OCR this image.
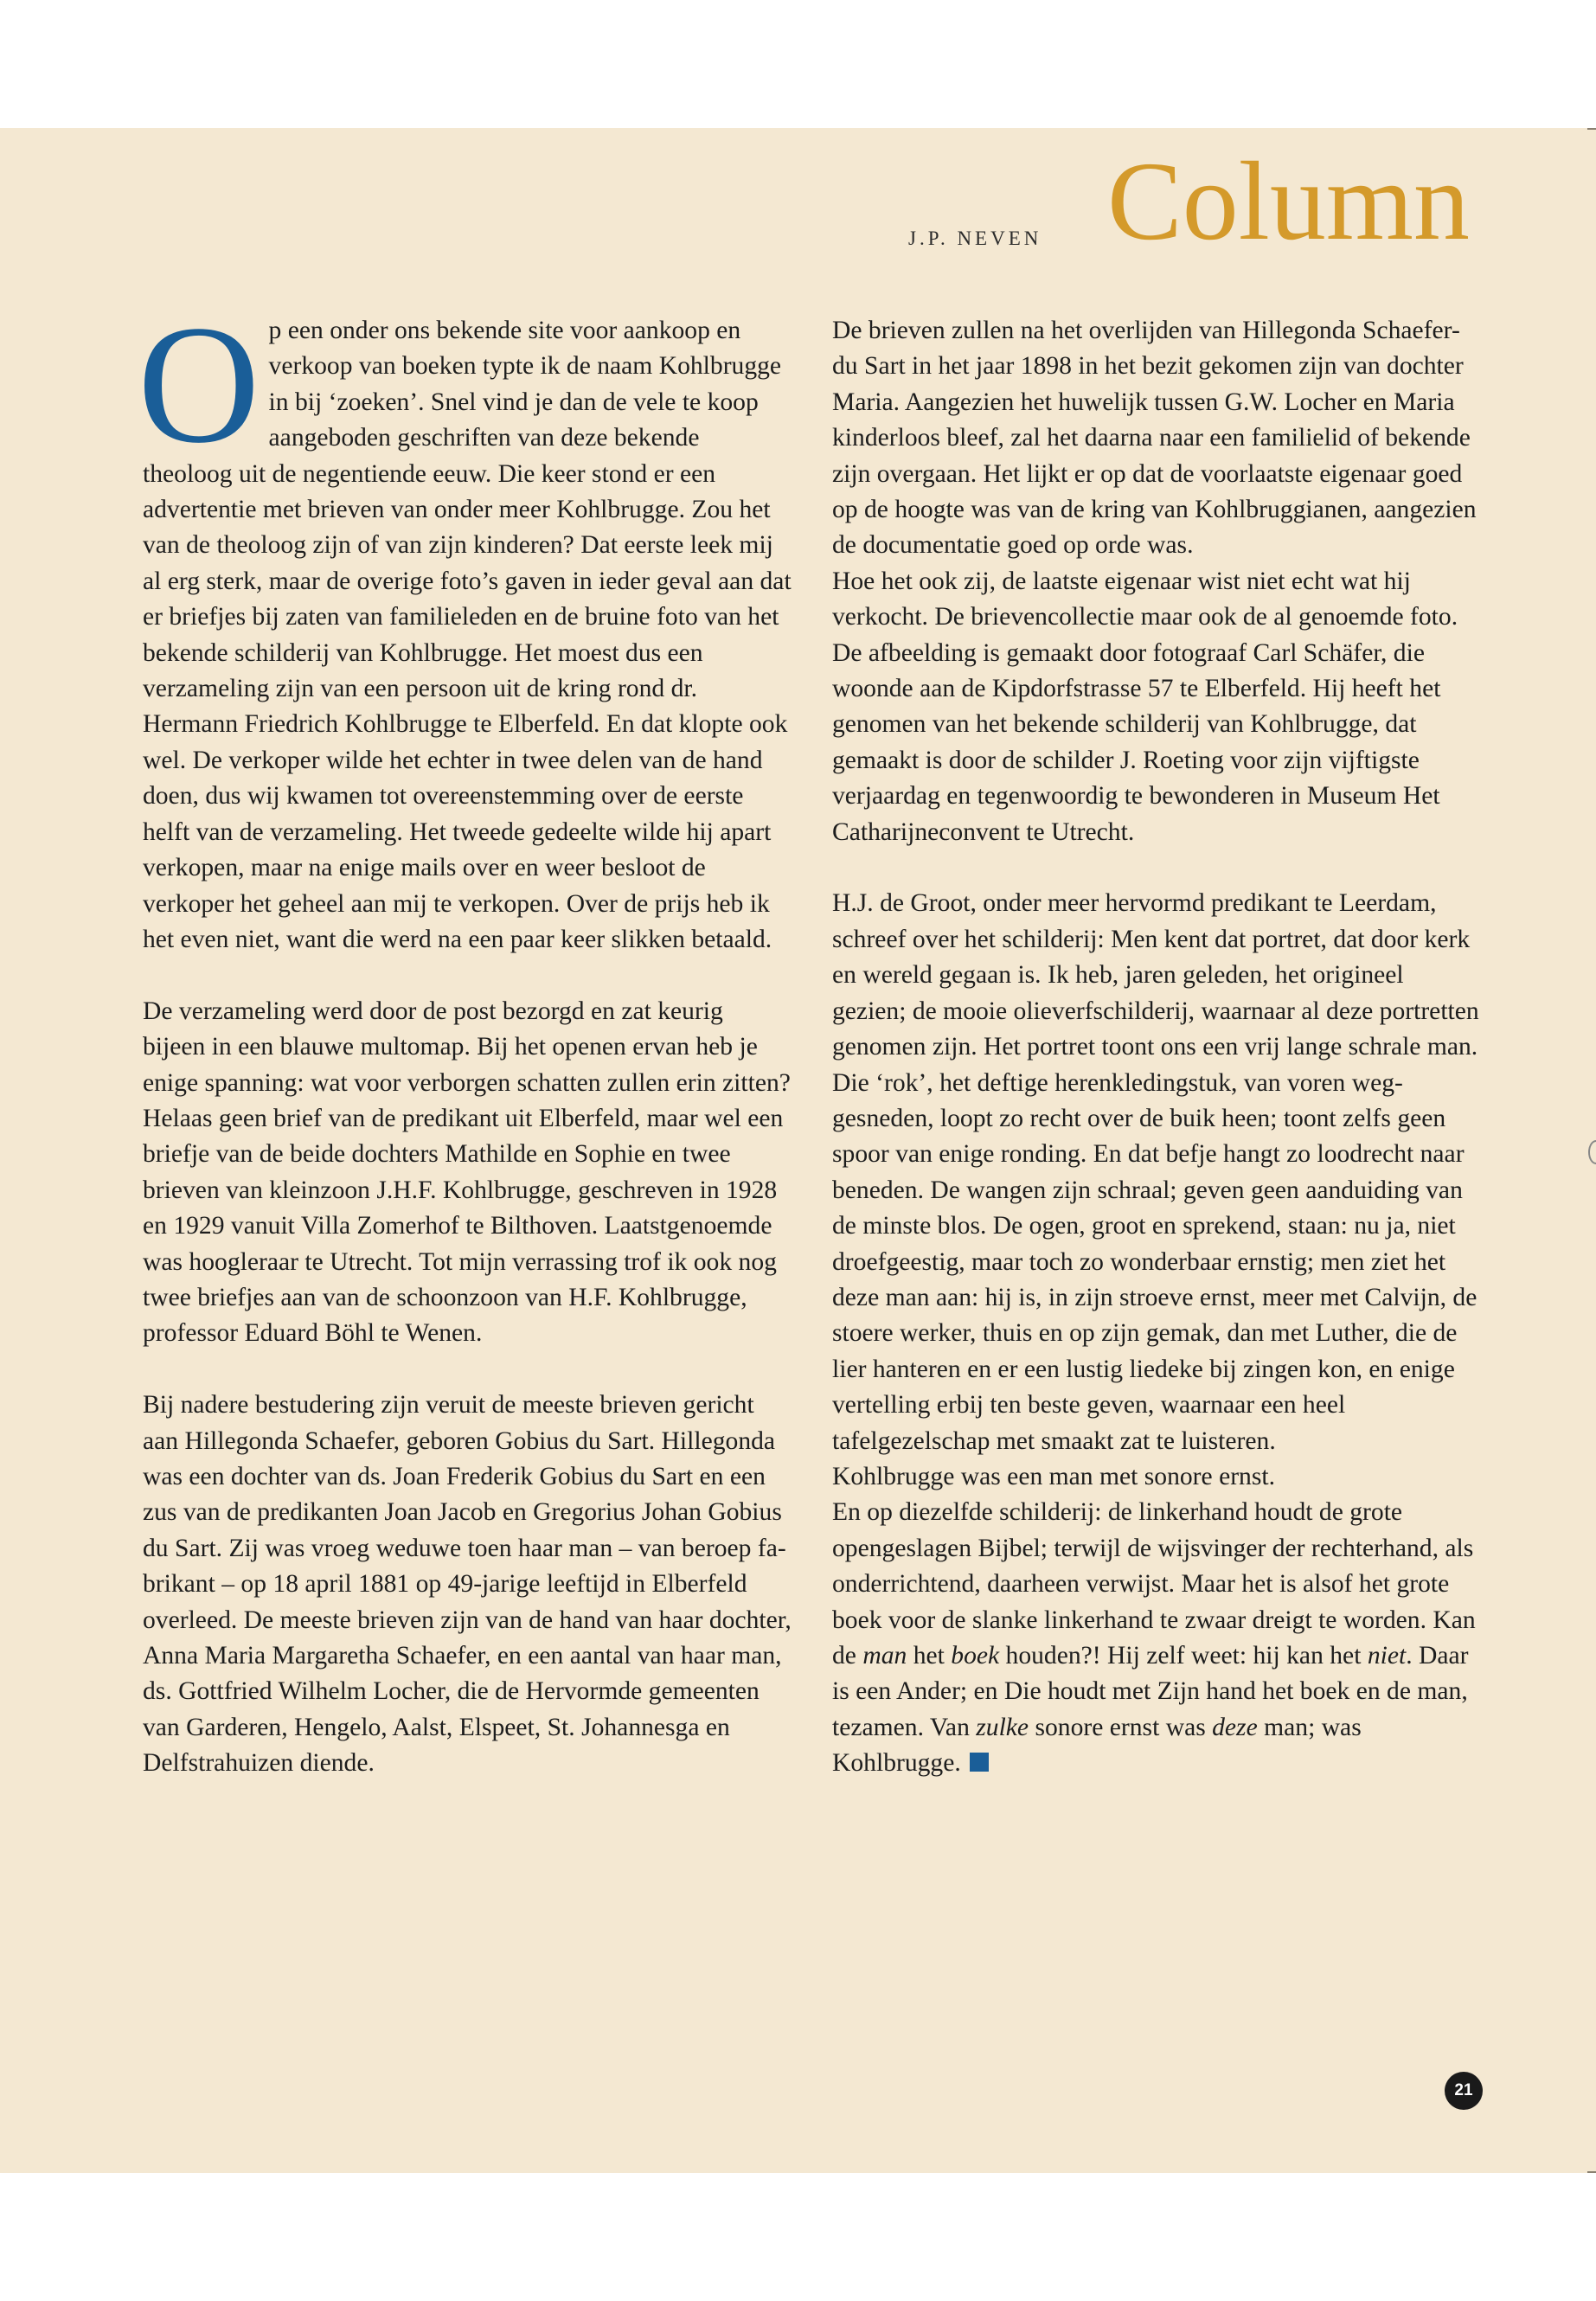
J.P. NEVEN Column

Op een onder ons bekende site voor aankoop en verkoop van boeken typte ik de naam Kohlbrugge in bij ‘zoeken’. Snel vind je dan de vele te koop aangeboden geschriften van deze bekende theoloog uit de negentiende eeuw. Die keer stond er een advertentie met brieven van onder meer Kohlbrugge. Zou het van de theoloog zijn of van zijn kinderen? Dat eerste leek mij al erg sterk, maar de overige foto’s gaven in ieder geval aan dat er briefjes bij zaten van familieleden en de bruine foto van het bekende schilderij van Kohlbrugge. Het moest dus een verzameling zijn van een persoon uit de kring rond dr. Hermann Friedrich Kohlbrugge te Elberfeld. En dat klopte ook wel. De verkoper wilde het echter in twee delen van de hand doen, dus wij kwamen tot overeenstemming over de eerste helft van de verzameling. Het tweede gedeelte wilde hij apart verkopen, maar na enige mails over en weer besloot de verkoper het geheel aan mij te verkopen. Over de prijs heb ik het even niet, want die werd na een paar keer slikken betaald.

De verzameling werd door de post bezorgd en zat keurig bijeen in een blauwe multomap. Bij het openen ervan heb je enige spanning: wat voor verborgen schatten zullen erin zitten? Helaas geen brief van de predikant uit Elberfeld, maar wel een briefje van de beide dochters Mathilde en Sophie en twee brieven van kleinzoon J.H.F. Kohlbrugge, geschreven in 1928 en 1929 vanuit Villa Zomerhof te Bilthoven. Laatstgenoemde was hoogleraar te Utrecht. Tot mijn verrassing trof ik ook nog twee briefjes aan van de schoonzoon van H.F. Kohlbrugge, professor Eduard Böhl te Wenen.

Bij nadere bestudering zijn veruit de meeste brieven gericht aan Hillegonda Schaefer, geboren Gobius du Sart. Hillegonda was een dochter van ds. Joan Frederik Gobius du Sart en een zus van de predikanten Joan Jacob en Gregorius Johan Gobius du Sart. Zij was vroeg weduwe toen haar man – van beroep fabrikant – op 18 april 1881 op 49-jarige leeftijd in Elberfeld overleed. De meeste brieven zijn van de hand van haar dochter, Anna Maria Margaretha Schaefer, en een aantal van haar man, ds. Gottfried Wilhelm Locher, die de Hervormde gemeenten van Garderen, Hengelo, Aalst, Elspeet, St. Johannesga en Delfstrahuizen diende.

De brieven zullen na het overlijden van Hillegonda Schaefer-du Sart in het jaar 1898 in het bezit gekomen zijn van dochter Maria. Aangezien het huwelijk tussen G.W. Locher en Maria kinderloos bleef, zal het daarna naar een familielid of bekende zijn overgaan. Het lijkt er op dat de voorlaatste eigenaar goed op de hoogte was van de kring van Kohlbruggianen, aangezien de documentatie goed op orde was.

Hoe het ook zij, de laatste eigenaar wist niet echt wat hij verkocht. De brievencollectie maar ook de al genoemde foto. De afbeelding is gemaakt door fotograaf Carl Schäfer, die woonde aan de Kipdorfstrasse 57 te Elberfeld. Hij heeft het genomen van het bekende schilderij van Kohlbrugge, dat gemaakt is door de schilder J. Roeting voor zijn vijftigste verjaardag en tegenwoordig te bewonderen in Museum Het Catharijneconvent te Utrecht.

H.J. de Groot, onder meer hervormd predikant te Leerdam, schreef over het schilderij: Men kent dat portret, dat door kerk en wereld gegaan is. Ik heb, jaren geleden, het origineel gezien; de mooie olieverfschilderij, waarnaar al deze portretten genomen zijn. Het portret toont ons een vrij lange schrale man. Die ‘rok’, het deftige herenkledingstuk, van voren weggesneden, loopt zo recht over de buik heen; toont zelfs geen spoor van enige ronding. En dat befje hangt zo loodrecht naar beneden. De wangen zijn schraal; geven geen aanduiding van de minste blos. De ogen, groot en sprekend, staan: nu ja, niet droefgeestig, maar toch zo wonderbaar ernstig; men ziet het deze man aan: hij is, in zijn stroeve ernst, meer met Calvijn, de stoere werker, thuis en op zijn gemak, dan met Luther, die de lier hanteren en er een lustig liedeke bij zingen kon, en enige vertelling erbij ten beste geven, waarnaar een heel tafelgezelschap met smaakt zat te luisteren.

Kohlbrugge was een man met sonore ernst.

En op diezelfde schilderij: de linkerhand houdt de grote opengeslagen Bijbel; terwijl de wijsvinger der rechterhand, als onderrichtend, daarheen verwijst. Maar het is alsof het grote boek voor de slanke linkerhand te zwaar dreigt te worden. Kan de man het boek houden?! Hij zelf weet: hij kan het niet. Daar is een Ander; en Die houdt met Zijn hand het boek en de man, tezamen. Van zulke sonore ernst was deze man; was Kohlbrugge.

21
